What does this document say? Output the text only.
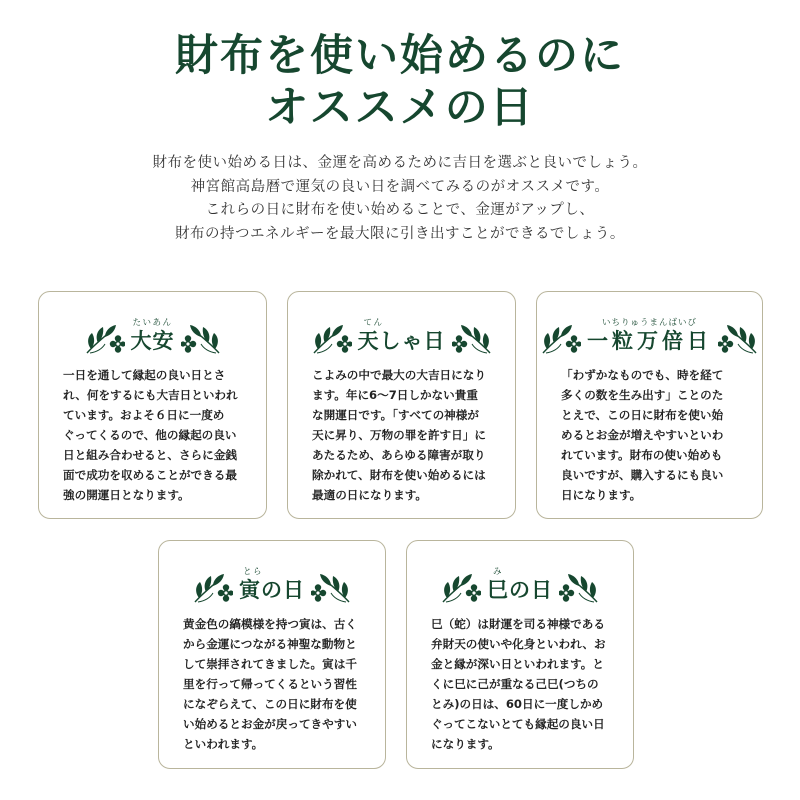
財布を使い始めるのに
オススメの日
財布を使い始める日は、金運を高めるために吉日を選ぶと良いでしょう。
神宮館高島暦で運気の良い日を調べてみるのがオススメです。
これらの日に財布を使い始めることで、金運がアップし、
財布の持つエネルギーを最大限に引き出すことができるでしょう。
たいあん
大安
一日を通して縁起の良い日とさ
れ、何をするにも大吉日といわれ
ています。およそ６日に一度め
ぐってくるので、他の縁起の良い
日と組み合わせると、さらに金銭
面で成功を収めることができる最
強の開運日となります。
てん
天しゃ日
こよみの中で最大の大吉日になり
ます。年に6〜7日しかない貴重
な開運日です。「すべての神様が
天に昇り、万物の罪を許す日」に
あたるため、あらゆる障害が取り
除かれて、財布を使い始めるには
最適の日になります。
いちりゅうまんばいび
一粒万倍日
「わずかなものでも、時を経て
多くの数を生み出す」ことのた
とえで、この日に財布を使い始
めるとお金が増えやすいといわ
れています。財布の使い始めも
良いですが、購入するにも良い
日になります。
とら
寅の日
黄金色の縞模様を持つ寅は、古く
から金運につながる神聖な動物と
して崇拝されてきました。寅は千
里を行って帰ってくるという習性
になぞらえて、この日に財布を使
い始めるとお金が戻ってきやすい
といわれます。
み
巳の日
巳（蛇）は財運を司る神様である
弁財天の使いや化身といわれ、お
金と縁が深い日といわれます。と
くに巳に己が重なる己巳(つちの
とみ)の日は、60日に一度しかめ
ぐってこないとても縁起の良い日
になります。
